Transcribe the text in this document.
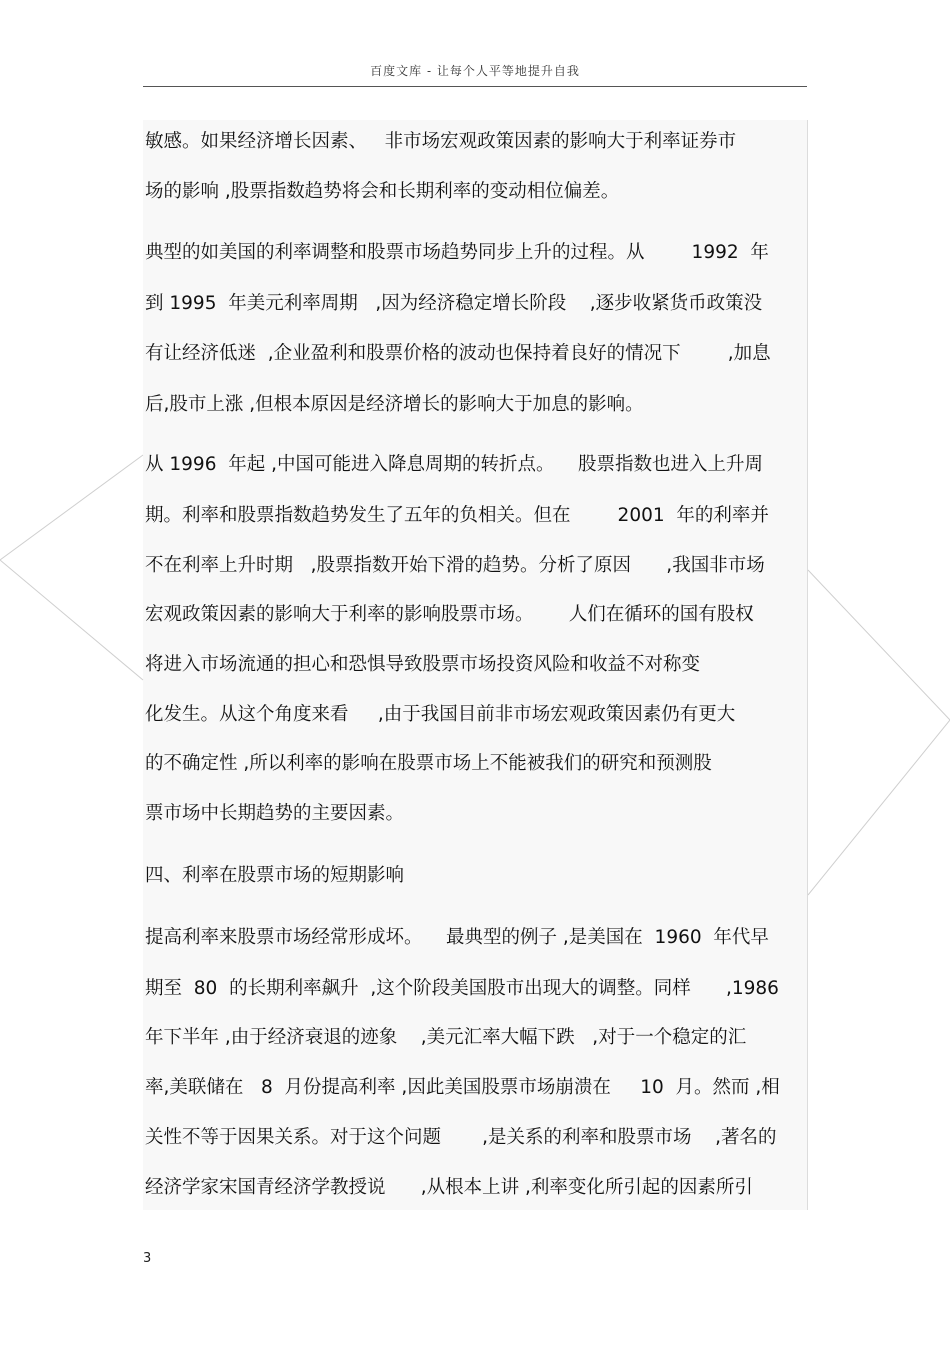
百度文库 - 让每个人平等地提升自我
敏感。如果经济增长因素、   非市场宏观政策因素的影响大于利率证券市
场的影响 ,股票指数趋势将会和长期利率的变动相位偏差。
典型的如美国的利率调整和股票市场趋势同步上升的过程。从        1992  年
到 1995  年美元利率周期   ,因为经济稳定增长阶段    ,逐步收紧货币政策没
有让经济低迷  ,企业盈利和股票价格的波动也保持着良好的情况下        ,加息
后,股市上涨 ,但根本原因是经济增长的影响大于加息的影响。
从 1996  年起 ,中国可能进入降息周期的转折点。    股票指数也进入上升周
期。利率和股票指数趋势发生了五年的负相关。但在        2001  年的利率并
不在利率上升时期   ,股票指数开始下滑的趋势。分析了原因      ,我国非市场
宏观政策因素的影响大于利率的影响股票市场。      人们在循环的国有股权
将进入市场流通的担心和恐惧导致股票市场投资风险和收益不对称变
化发生。从这个角度来看     ,由于我国目前非市场宏观政策因素仍有更大
的不确定性 ,所以利率的影响在股票市场上不能被我们的研究和预测股
票市场中长期趋势的主要因素。
四、利率在股票市场的短期影响
提高利率来股票市场经常形成坏。    最典型的例子 ,是美国在  1960  年代早
期至  80  的长期利率飙升  ,这个阶段美国股市出现大的调整。同样      ,1986
年下半年 ,由于经济衰退的迹象    ,美元汇率大幅下跌   ,对于一个稳定的汇
率,美联储在   8  月份提高利率 ,因此美国股票市场崩溃在     10  月。然而 ,相
关性不等于因果关系。对于这个问题       ,是关系的利率和股票市场    ,著名的
经济学家宋国青经济学教授说      ,从根本上讲 ,利率变化所引起的因素所引
3
